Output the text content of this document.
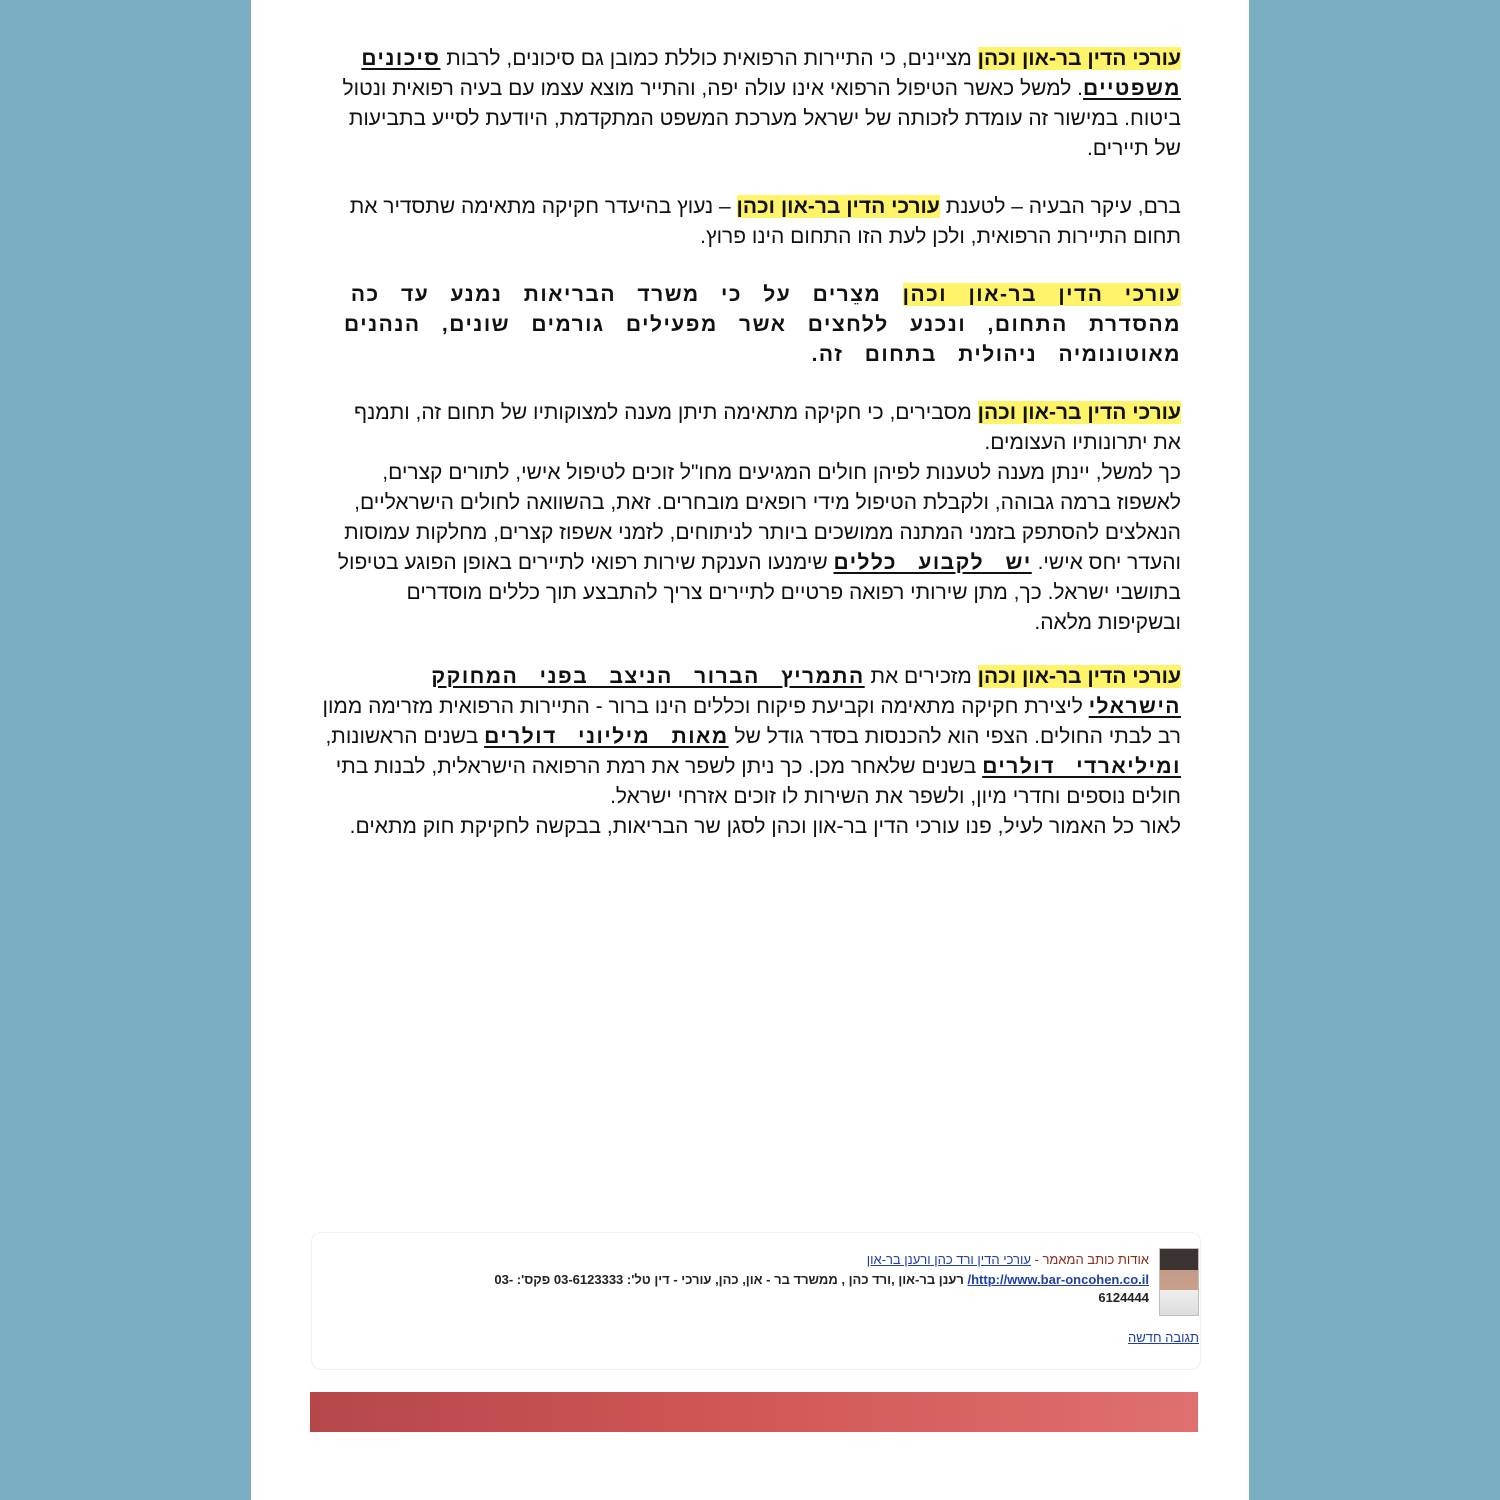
עורכי הדין בר-און וכהן מציינים, כי התיירות הרפואית כוללת כמובן גם סיכונים, לרבות סיכונים משפטיים. למשל כאשר הטיפול הרפואי אינו עולה יפה, והתייר מוצא עצמו עם בעיה רפואית ונטול ביטוח. במישור זה עומדת לזכותה של ישראל מערכת המשפט המתקדמת, היודעת לסייע בתביעות של תיירים.
ברם, עיקר הבעיה – לטענת עורכי הדין בר-און וכהן – נעוץ בהיעדר חקיקה מתאימה שתסדיר את תחום התיירות הרפואית, ולכן לעת הזו התחום הינו פרוץ.
עורכי הדין בר-און וכהן מצֵרים על כי משרד הבריאות נמנע עד כה מהסדרת התחום, ונכנע ללחצים אשר מפעילים גורמים שונים, הנהנים מאוטונומיה ניהולית בתחום זה.
עורכי הדין בר-און וכהן מסבירים, כי חקיקה מתאימה תיתן מענה למצוקותיו של תחום זה, ותמנף את יתרונותיו העצומים.
כך למשל, יינתן מענה לטענות לפיהן חולים המגיעים מחו"ל זוכים לטיפול אישי, לתורים קצרים, לאשפוז ברמה גבוהה, ולקבלת הטיפול מידי רופאים מובחרים. זאת, בהשוואה לחולים הישראליים, הנאלצים להסתפק בזמני המתנה ממושכים ביותר לניתוחים, לזמני אשפוז קצרים, מחלקות עמוסות והעדר יחס אישי. יש לקבוע כללים שימנעו הענקת שירות רפואי לתיירים באופן הפוגע בטיפול בתושבי ישראל. כך, מתן שירותי רפואה פרטיים לתיירים צריך להתבצע תוך כללים מוסדרים ובשקיפות מלאה.
עורכי הדין בר-און וכהן מזכירים את התמריץ הברור הניצב בפני המחוקק הישראלי ליצירת חקיקה מתאימה וקביעת פיקוח וכללים הינו ברור - התיירות הרפואית מזרימה ממון רב לבתי החולים. הצפי הוא להכנסות בסדר גודל של מאות מיליוני דולרים בשנים הראשונות, ומיליארדי דולרים בשנים שלאחר מכן. כך ניתן לשפר את רמת הרפואה הישראלית, לבנות בתי חולים נוספים וחדרי מיון, ולשפר את השירות לו זוכים אזרחי ישראל.
לאור כל האמור לעיל, פנו עורכי הדין בר-און וכהן לסגן שר הבריאות, בבקשה לחקיקת חוק מתאים.
אודות כותב המאמר - עורכי הדין ורד כהן ורענן בר-און
http://www.bar-oncohen.co.il/ רענן בר-און ,ורד כהן , ממשרד בר - און, כהן, עורכי - דין טל': 03-6123333 פקס': -03
6124444
תגובה חדשה
